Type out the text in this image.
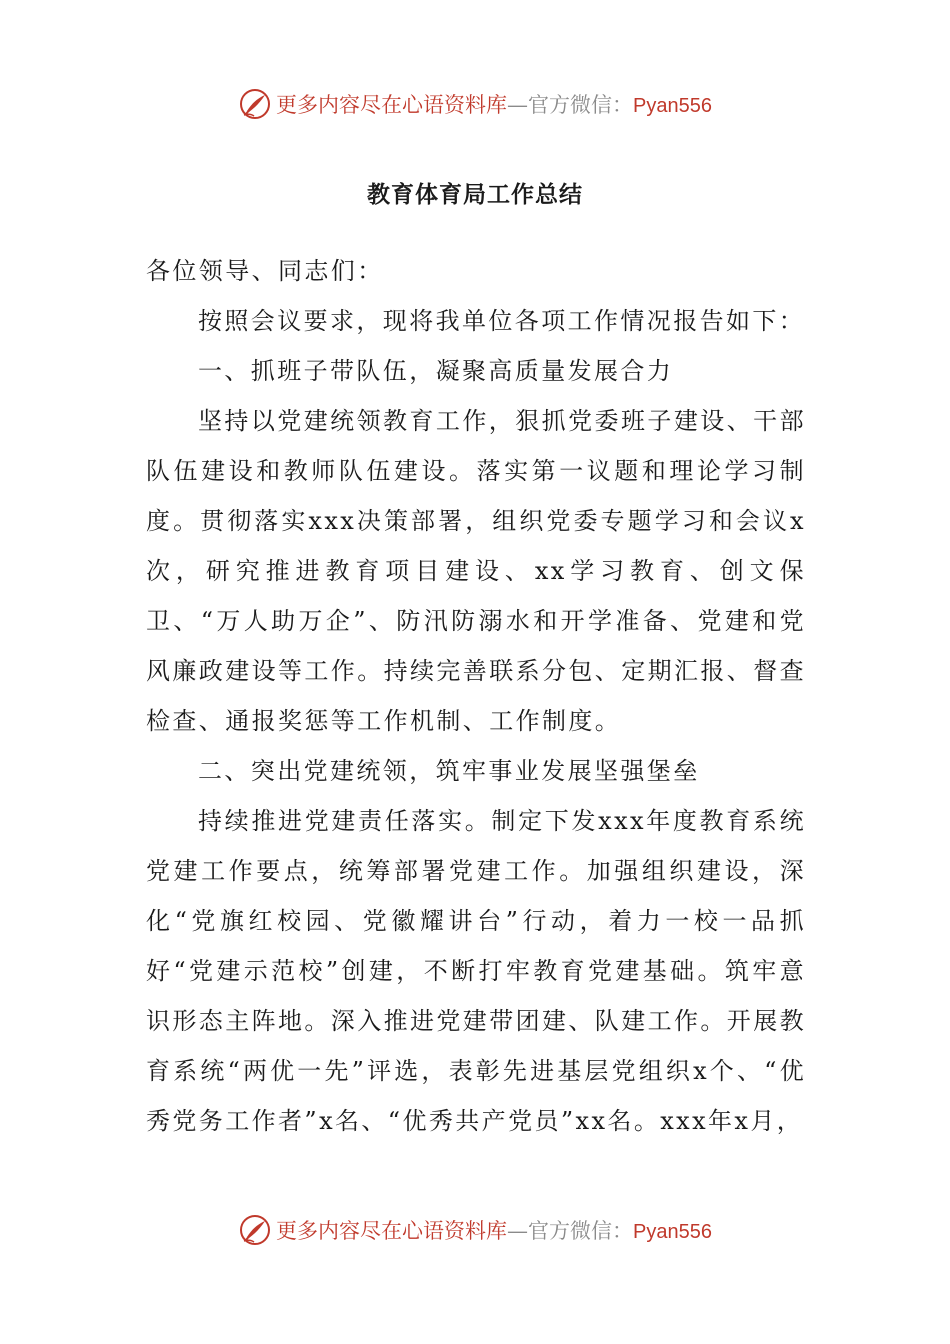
更多内容尽在心语资料库—官方微信：Pyan556
教育体育局工作总结

各位领导、同志们：

按照会议要求，现将我单位各项工作情况报告如下：

一、抓班子带队伍，凝聚高质量发展合力

坚持以党建统领教育工作，狠抓党委班子建设、干部队伍建设和教师队伍建设。落实第一议题和理论学习制度。贯彻落实xxx决策部署，组织党委专题学习和会议x次，研究推进教育项目建设、xx学习教育、创文保卫、“万人助万企”、防汛防溺水和开学准备、党建和党风廉政建设等工作。持续完善联系分包、定期汇报、督查检查、通报奖惩等工作机制、工作制度。

二、突出党建统领，筑牢事业发展坚强堡垒

持续推进党建责任落实。制定下发xxx年度教育系统党建工作要点，统筹部署党建工作。加强组织建设，深化“党旗红校园、党徽耀讲台”行动，着力一校一品抓好“党建示范校”创建，不断打牢教育党建基础。筑牢意识形态主阵地。深入推进党建带团建、队建工作。开展教育系统“两优一先”评选，表彰先进基层党组织x个、“优秀党务工作者”x名、“优秀共产党员”xx名。xxx年x月，

更多内容尽在心语资料库—官方微信：Pyan556
